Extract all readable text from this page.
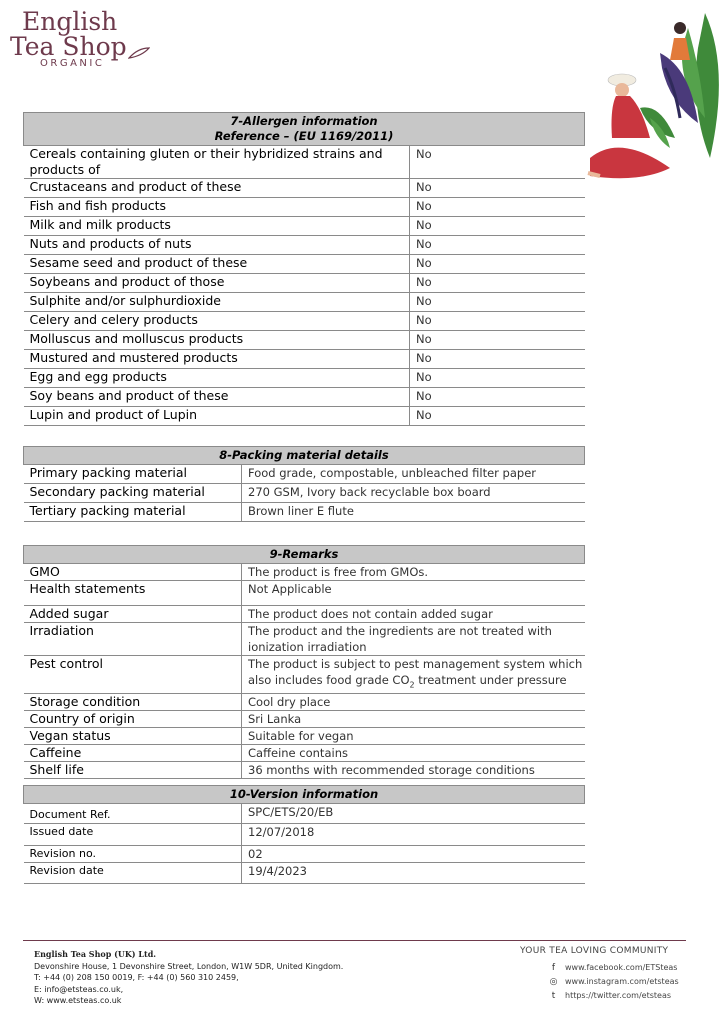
English
Tea Shop
ORGANIC
7-Allergen information
Reference – (EU 1169/2011)	

Cereals containing gluten or their hybridized strains and products of	No
Crustaceans and product of these	No
Fish and fish products	No
Milk and milk products	No
Nuts and products of nuts	No
Sesame seed and product of these	No
Soybeans and product of those	No
Sulphite and/or sulphurdioxide	No
Celery and celery products	No
Molluscus and molluscus products	No
Mustured and mustered products	No
Egg and egg products	No
Soy beans and product of these	No
Lupin and product of Lupin	No
8-Packing material details	
Primary packing material	Food grade, compostable, unbleached filter paper
Secondary packing material	270 GSM, Ivory back recyclable box board
Tertiary packing material	Brown liner E flute
9-Remarks	
GMO	The product is free from GMOs.
Health statements	Not Applicable
Added sugar	The product does not contain added sugar
Irradiation	The product and the ingredients are not treated with ionization irradiation
Pest control	The product is subject to pest management system which also includes food grade $CO_2$ treatment under pressure
Storage condition	Cool dry place
Country of origin	Sri Lanka
Vegan status	Suitable for vegan
Caffeine	Caffeine contains
Shelf life	36 months with recommended storage conditions
10-Version information	
Document Ref.	SPC/ETS/20/EB
Issued date	12/07/2018
Revision no.	02
Revision date	19/4/2023
English Tea Shop (UK) Ltd.
Devonshire House, 1 Devonshire Street, London, W1W 5DR, United Kingdom.
T: +44 (0) 208 150 0019, F: +44 (0) 560 310 2459,
E: info@etsteas.co.uk,
W: www.etsteas.co.uk
YOUR TEA LOVING COMMUNITY
f www.facebook.com/ETSteas
◎ www.instagram.com/etsteas
t https://twitter.com/etsteas
